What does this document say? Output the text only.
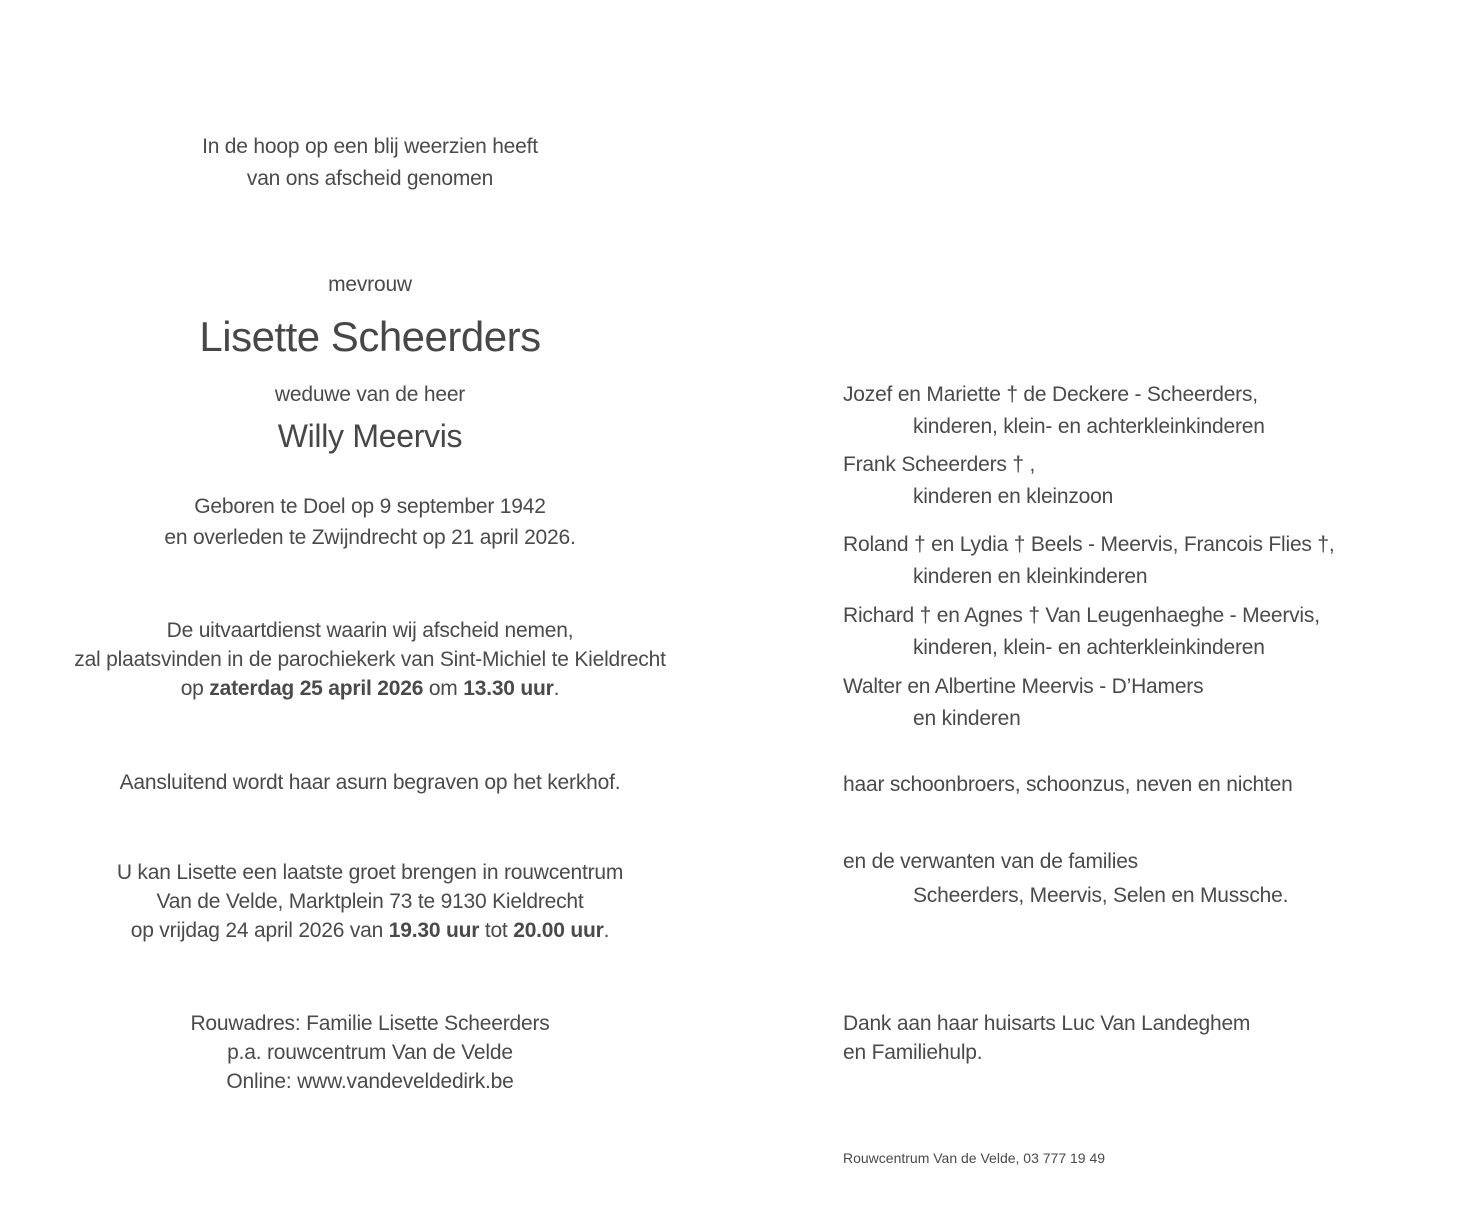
In de hoop op een blij weerzien heeft
van ons afscheid genomen
mevrouw
Lisette Scheerders
weduwe van de heer
Willy Meervis
Geboren te Doel op 9 september 1942
en overleden te Zwijndrecht op 21 april 2026.
De uitvaartdienst waarin wij afscheid nemen,
zal plaatsvinden in de parochiekerk van Sint-Michiel te Kieldrecht
op zaterdag 25 april 2026 om 13.30 uur.
Aansluitend wordt haar asurn begraven op het kerkhof.
U kan Lisette een laatste groet brengen in rouwcentrum
Van de Velde, Marktplein 73 te 9130 Kieldrecht
op vrijdag 24 april 2026 van 19.30 uur tot 20.00 uur.
Rouwadres: Familie Lisette Scheerders
p.a. rouwcentrum Van de Velde
Online: www.vandeveldedirk.be
Jozef en Mariette † de Deckere - Scheerders,
kinderen, klein- en achterkleinkinderen
Frank Scheerders † ,
kinderen en kleinzoon
Roland † en Lydia † Beels - Meervis, Francois Flies †,
kinderen en kleinkinderen
Richard † en Agnes † Van Leugenhaeghe - Meervis,
kinderen, klein- en achterkleinkinderen
Walter en Albertine Meervis - D’Hamers
en kinderen
haar schoonbroers, schoonzus, neven en nichten
en de verwanten van de families
Scheerders, Meervis, Selen en Mussche.
Dank aan haar huisarts Luc Van Landeghem
en Familiehulp.
Rouwcentrum Van de Velde, 03 777 19 49
